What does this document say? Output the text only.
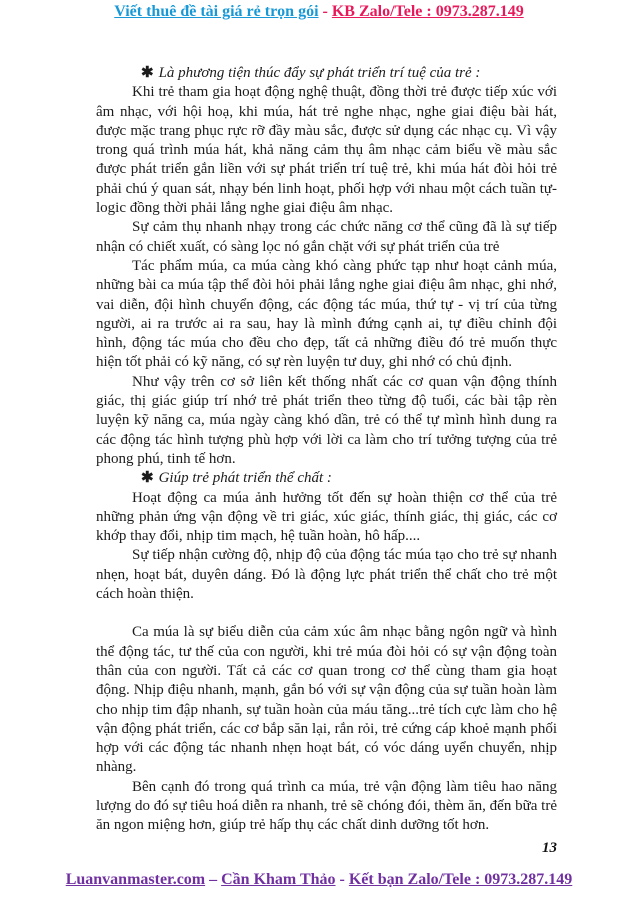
Viết thuê đề tài giá rẻ trọn gói - KB Zalo/Tele : 0973.287.149

✱ Là phương tiện thúc đẩy sự phát triển trí tuệ của trẻ :

Khi trẻ tham gia hoạt động nghệ thuật, đồng thời trẻ được tiếp xúc với âm nhạc, với hội hoạ, khi múa, hát trẻ nghe nhạc, nghe giai điệu bài hát, được mặc trang phục rực rỡ đầy màu sắc, được sử dụng các nhạc cụ. Vì vậy trong quá trình múa hát, khả năng cảm thụ âm nhạc cảm biểu về màu sắc được phát triển gắn liền với sự phát triển trí tuệ trẻ, khi múa hát đòi hỏi trẻ phải chú ý quan sát, nhạy bén linh hoạt, phối hợp với nhau một cách tuần tự- logic đồng thời phải lắng nghe giai điệu âm nhạc.

Sự cảm thụ nhanh nhạy trong các chức năng cơ thể cũng đã là sự tiếp nhận có chiết xuất, có sàng lọc nó gắn chặt với sự phát triển của trẻ

Tác phẩm múa, ca múa càng khó càng phức tạp như hoạt cảnh múa, những bài ca múa tập thể đòi hỏi phải lắng nghe giai điệu âm nhạc, ghi nhớ, vai diễn, đội hình chuyển động, các động tác múa, thứ tự - vị trí của từng người, ai ra trước ai ra sau, hay là mình đứng cạnh ai, tự điều chỉnh đội hình, động tác múa cho đều cho đẹp, tất cả những điều đó trẻ muốn thực hiện tốt phải có kỹ năng, có sự rèn luyện tư duy, ghi nhớ có chủ định.

Như vậy trên cơ sở liên kết thống nhất các cơ quan vận động thính giác, thị giác giúp trí nhớ trẻ phát triển theo từng độ tuổi, các bài tập rèn luyện kỹ năng ca, múa ngày càng khó dần, trẻ có thể tự mình hình dung ra các động tác hình tượng phù hợp với lời ca làm cho trí tưởng tượng của trẻ phong phú, tinh tế hơn.

✱ Giúp trẻ phát triển thể chất :

Hoạt động ca múa ảnh hưởng tốt đến sự hoàn thiện cơ thể của trẻ những phản ứng vận động về tri giác, xúc giác, thính giác, thị giác, các cơ khớp thay đổi, nhịp tim mạch, hệ tuần hoàn, hô hấp....

Sự tiếp nhận cường độ, nhịp độ của động tác múa tạo cho trẻ sự nhanh nhẹn, hoạt bát, duyên dáng. Đó là động lực phát triển thể chất cho trẻ một cách hoàn thiện.

Ca múa là sự biểu diễn của cảm xúc âm nhạc bằng ngôn ngữ và hình thể động tác, tư thế của con người, khi trẻ múa đòi hỏi có sự vận động toàn thân của con người. Tất cả các cơ quan trong cơ thể cùng tham gia hoạt động. Nhịp điệu nhanh, mạnh, gắn bó với sự vận động của sự tuần hoàn làm cho nhịp tim đập nhanh, sự tuần hoàn của máu tăng...trẻ tích cực làm cho hệ vận động phát triển, các cơ bắp săn lại, rắn rỏi, trẻ cứng cáp khoẻ mạnh phối hợp với các động tác nhanh nhẹn hoạt bát, có vóc dáng uyển chuyển, nhịp nhàng.

Bên cạnh đó trong quá trình ca múa, trẻ vận động làm tiêu hao năng lượng do đó sự tiêu hoá diễn ra nhanh, trẻ sẽ chóng đói, thèm ăn, đến bữa trẻ ăn ngon miệng hơn, giúp trẻ hấp thụ các chất dinh dưỡng tốt hơn.

13
Luanvanmaster.com – Cần Kham Thảo - Kết bạn Zalo/Tele : 0973.287.149
